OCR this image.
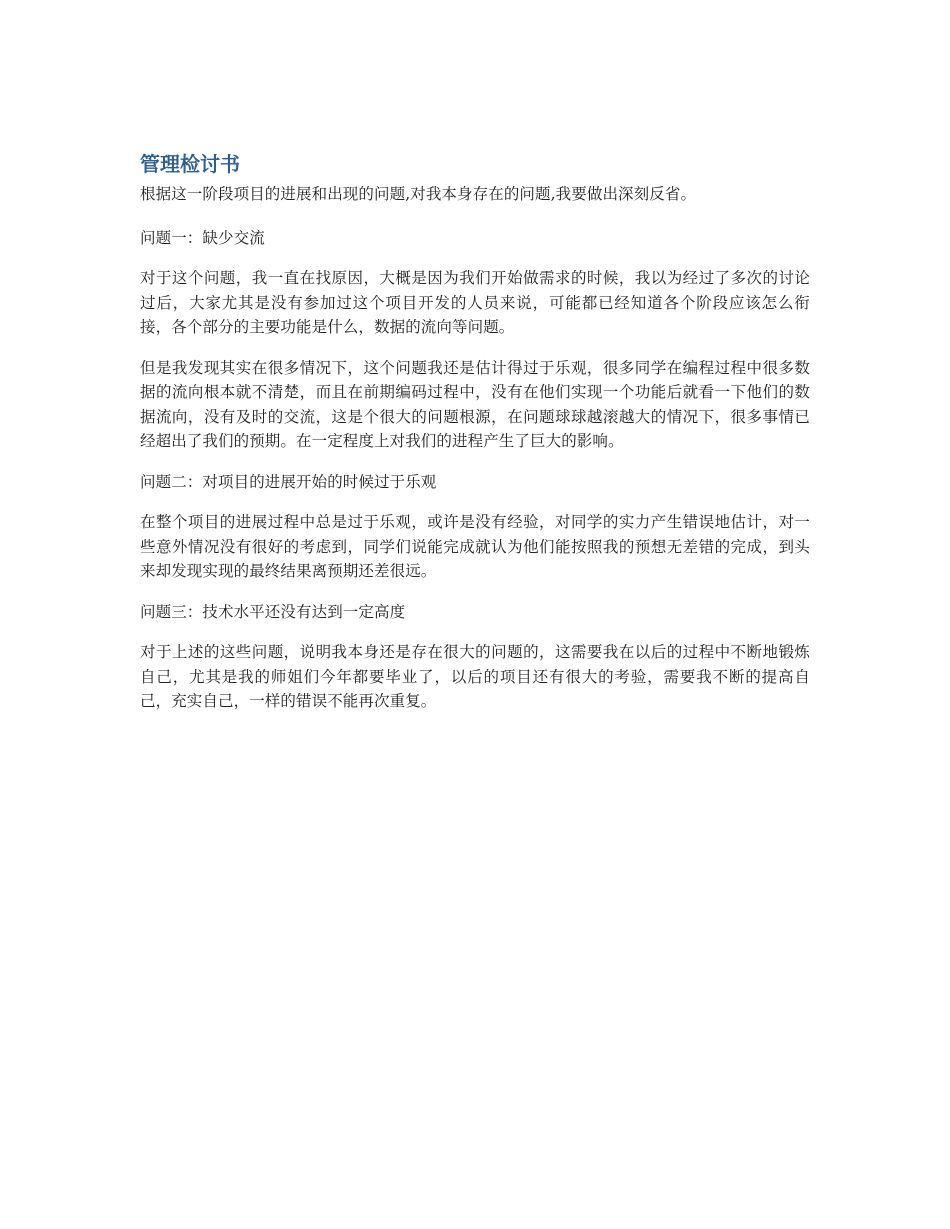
管理检讨书

根据这一阶段项目的进展和出现的问题,对我本身存在的问题,我要做出深刻反省。

问题一：缺少交流

对于这个问题，我一直在找原因，大概是因为我们开始做需求的时候，我以为经过了多次的讨论过后，大家尤其是没有参加过这个项目开发的人员来说，可能都已经知道各个阶段应该怎么衔接，各个部分的主要功能是什么，数据的流向等问题。

但是我发现其实在很多情况下，这个问题我还是估计得过于乐观，很多同学在编程过程中很多数据的流向根本就不清楚，而且在前期编码过程中，没有在他们实现一个功能后就看一下他们的数据流向，没有及时的交流，这是个很大的问题根源，在问题球球越滚越大的情况下，很多事情已经超出了我们的预期。在一定程度上对我们的进程产生了巨大的影响。

问题二：对项目的进展开始的时候过于乐观

在整个项目的进展过程中总是过于乐观，或许是没有经验，对同学的实力产生错误地估计，对一些意外情况没有很好的考虑到，同学们说能完成就认为他们能按照我的预想无差错的完成，到头来却发现实现的最终结果离预期还差很远。

问题三：技术水平还没有达到一定高度

对于上述的这些问题，说明我本身还是存在很大的问题的，这需要我在以后的过程中不断地锻炼自己，尤其是我的师姐们今年都要毕业了，以后的项目还有很大的考验，需要我不断的提高自己，充实自己，一样的错误不能再次重复。
